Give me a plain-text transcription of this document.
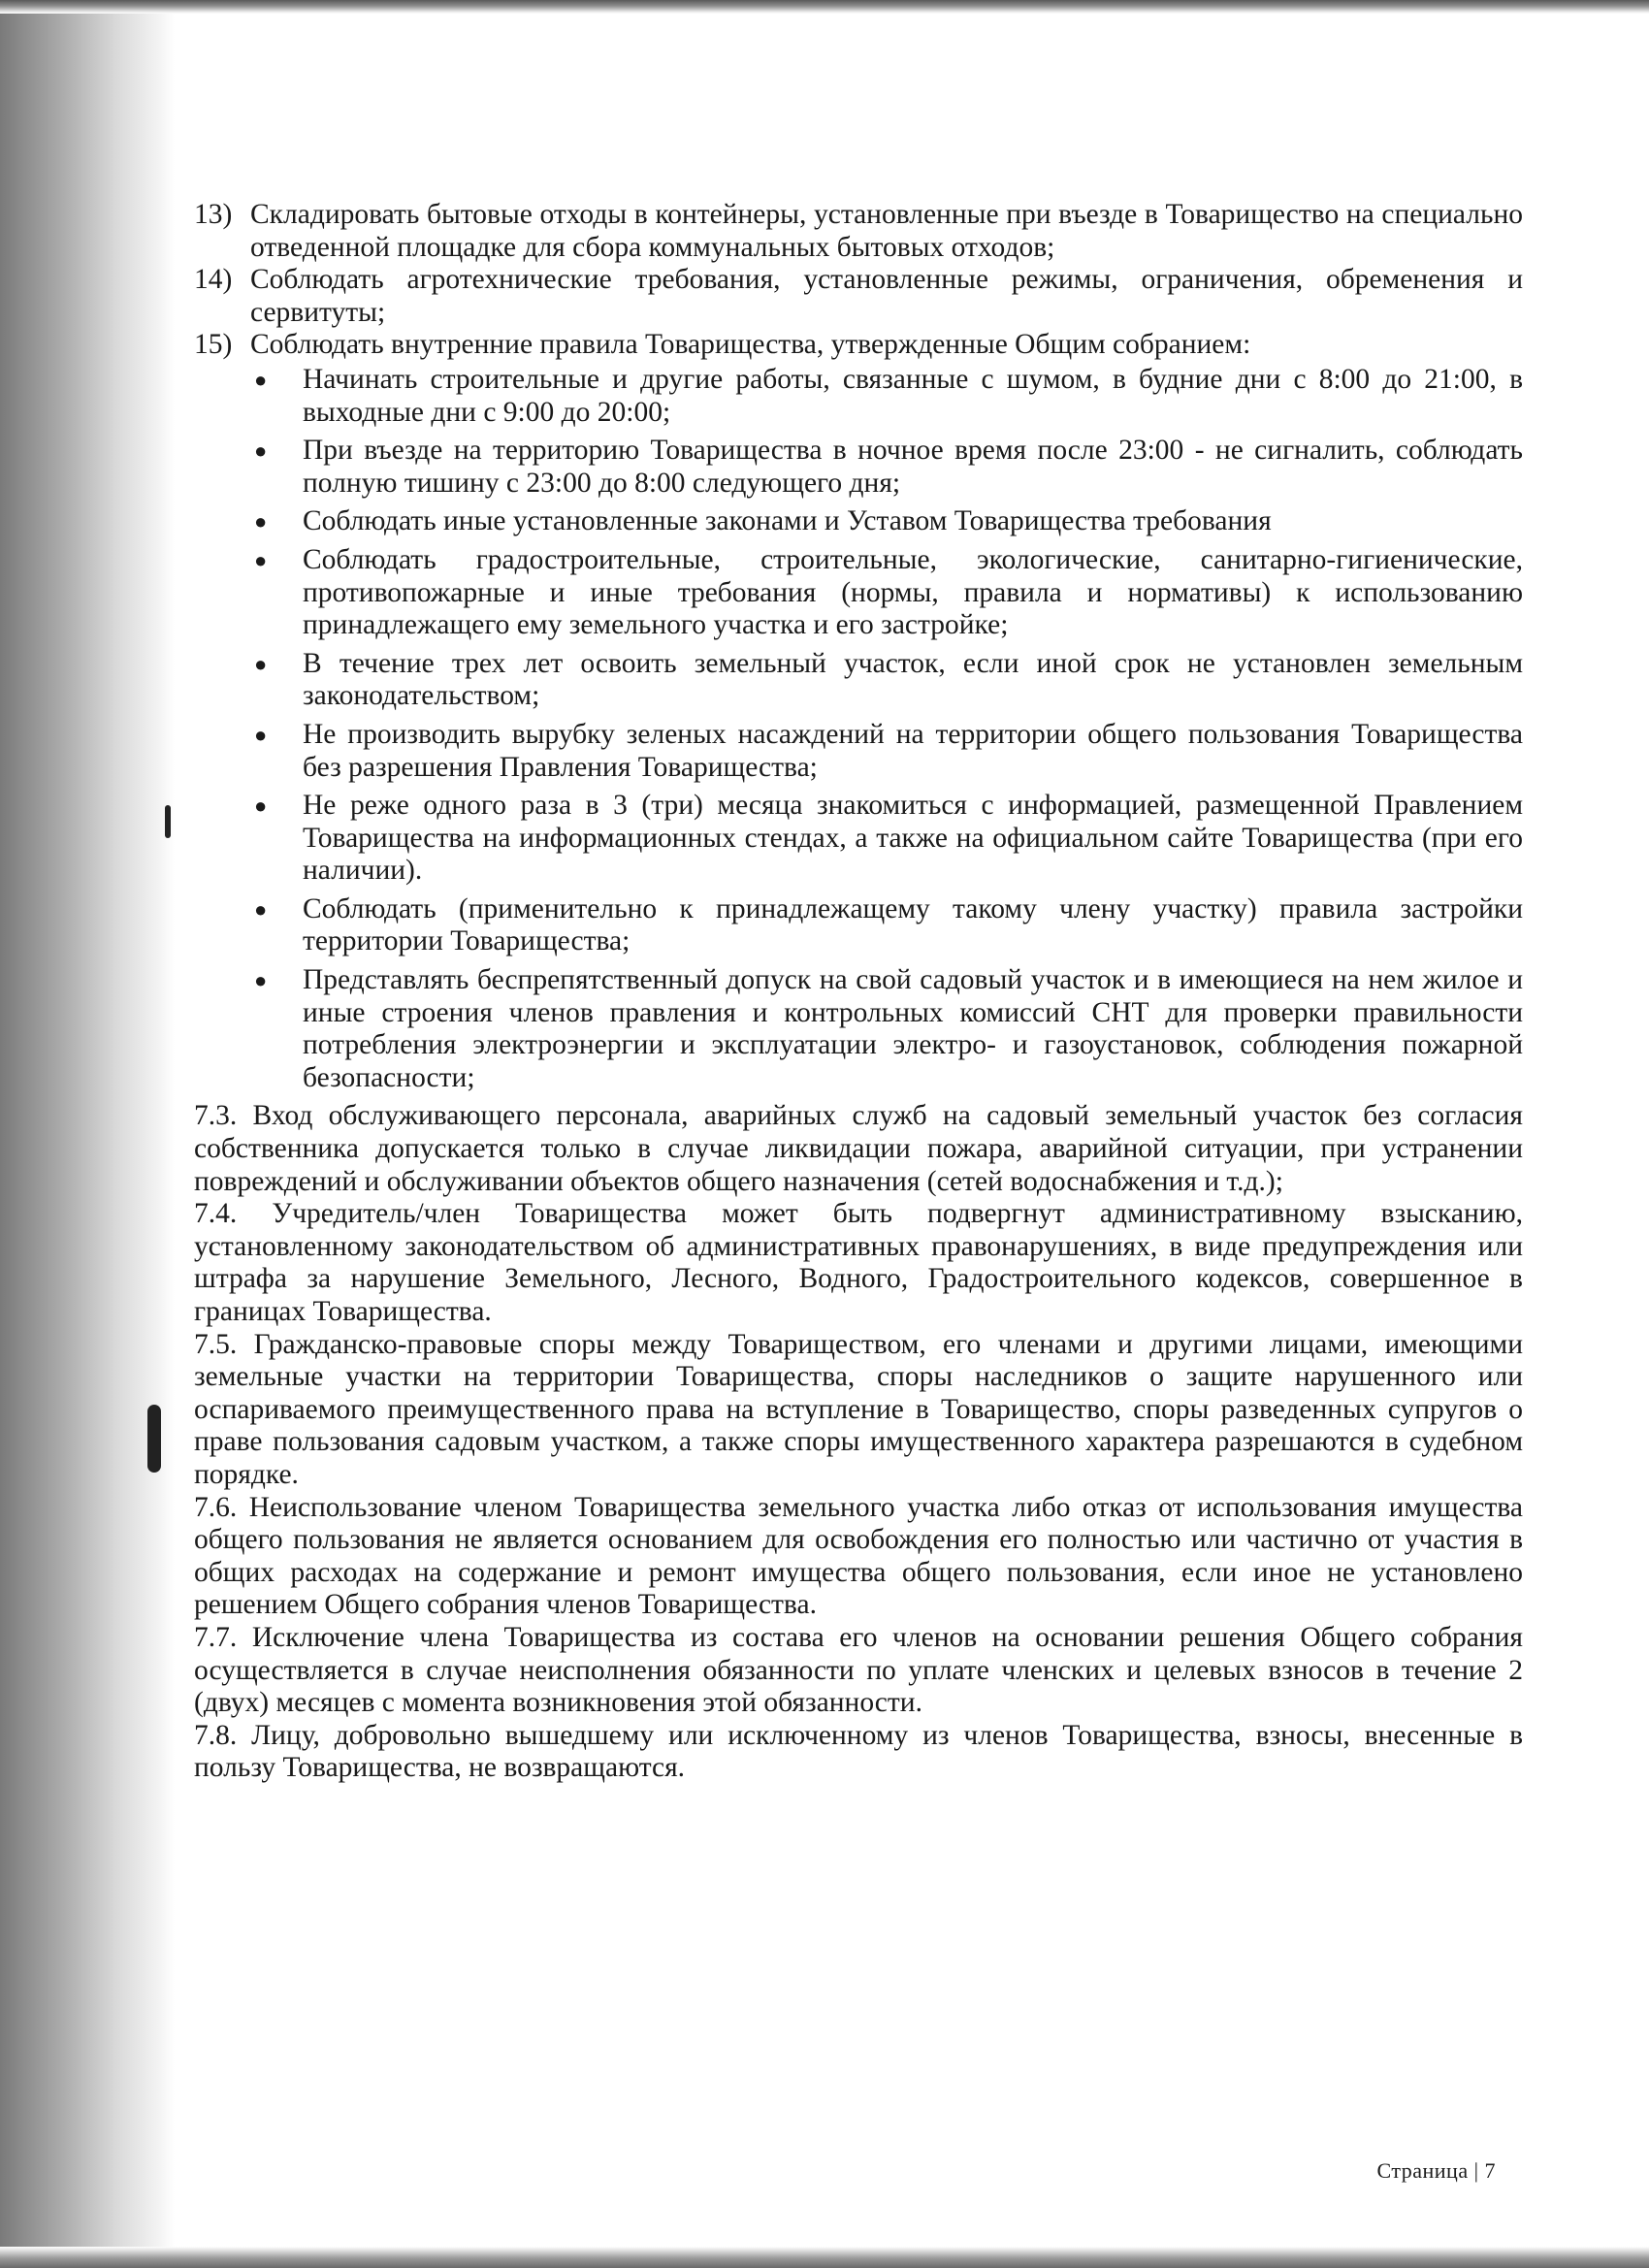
13) Складировать бытовые отходы в контейнеры, установленные при въезде в Товарищество на специально отведенной площадке для сбора коммунальных бытовых отходов;
14) Соблюдать агротехнические требования, установленные режимы, ограничения, обременения и сервитуты;
15) Соблюдать внутренние правила Товарищества, утвержденные Общим собранием:
●	Начинать строительные и другие работы, связанные с шумом, в будние дни с 8:00 до 21:00, в выходные дни с 9:00 до 20:00;
●	При въезде на территорию Товарищества в ночное время после 23:00 - не сигналить, соблюдать полную тишину с 23:00 до 8:00 следующего дня;
●	Соблюдать иные установленные законами и Уставом Товарищества требования
●	Соблюдать градостроительные, строительные, экологические, санитарно-гигиенические, противопожарные и иные требования (нормы, правила и нормативы) к использованию принадлежащего ему земельного участка и его застройке;
●	В течение трех лет освоить земельный участок, если иной срок не установлен земельным законодательством;
●	Не производить вырубку зеленых насаждений на территории общего пользования Товарищества без разрешения Правления Товарищества;
●	Не реже одного раза в 3 (три) месяца знакомиться с информацией, размещенной Правлением Товарищества на информационных стендах, а также на официальном сайте Товарищества (при его наличии).
●	Соблюдать (применительно к принадлежащему такому члену участку) правила застройки территории Товарищества;
●	Представлять беспрепятственный допуск на свой садовый участок и в имеющиеся на нем жилое и иные строения членов правления и контрольных комиссий СНТ для проверки правильности потребления электроэнергии и эксплуатации электро- и газоустановок, соблюдения пожарной безопасности;
7.3. Вход обслуживающего персонала, аварийных служб на садовый земельный участок без согласия собственника допускается только в случае ликвидации пожара, аварийной ситуации, при устранении повреждений и обслуживании объектов общего назначения (сетей водоснабжения и т.д.);
7.4. Учредитель/член Товарищества может быть подвергнут административному взысканию, установленному законодательством об административных правонарушениях, в виде предупреждения или штрафа за нарушение Земельного, Лесного, Водного, Градостроительного кодексов, совершенное в границах Товарищества.
7.5. Гражданско-правовые споры между Товариществом, его членами и другими лицами, имеющими земельные участки на территории Товарищества, споры наследников о защите нарушенного или оспариваемого преимущественного права на вступление в Товарищество, споры разведенных супругов о праве пользования садовым участком, а также споры имущественного характера разрешаются в судебном порядке.
7.6. Неиспользование членом Товарищества земельного участка либо отказ от использования имущества общего пользования не является основанием для освобождения его полностью или частично от участия в общих расходах на содержание и ремонт имущества общего пользования, если иное не установлено решением Общего собрания членов Товарищества.
7.7. Исключение члена Товарищества из состава его членов на основании решения Общего собрания осуществляется в случае неисполнения обязанности по уплате членских и целевых взносов в течение 2 (двух) месяцев с момента возникновения этой обязанности.
7.8. Лицу, добровольно вышедшему или исключенному из членов Товарищества, взносы, внесенные в пользу Товарищества, не возвращаются.
Страница | 7
